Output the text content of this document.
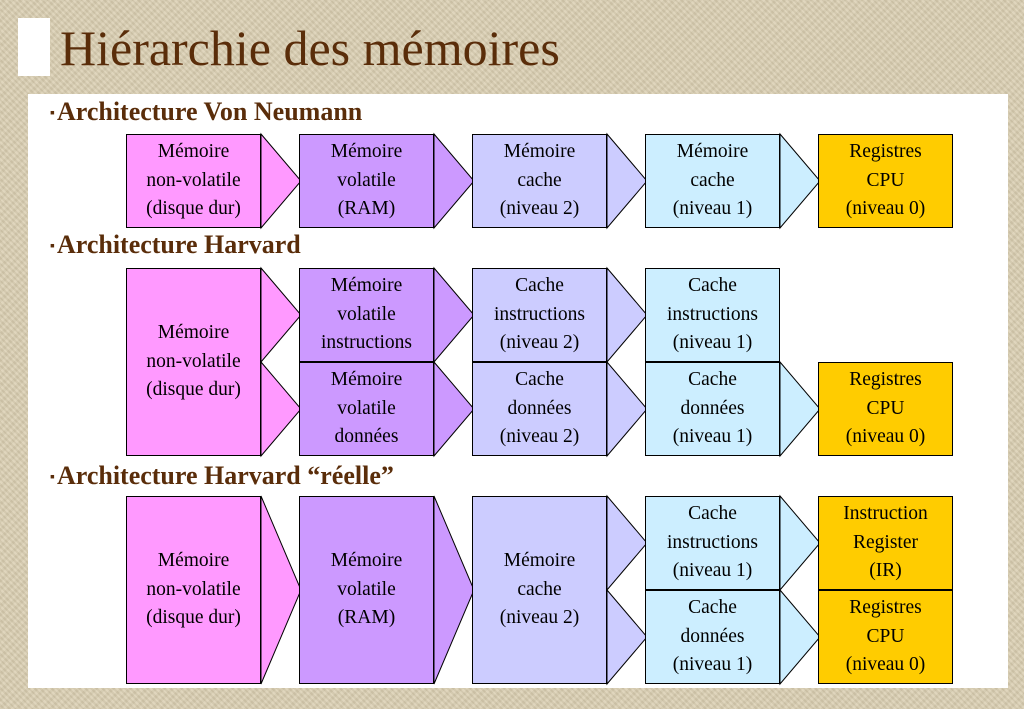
Hiérarchie des mémoires
▪Architecture Von Neumann
▪Architecture Harvard
▪Architecture Harvard “réelle”
Mémoire
non-volatile
(disque dur)
Mémoire
volatile
(RAM)
Mémoire
cache
(niveau 2)
Mémoire
cache
(niveau 1)
Registres
CPU
(niveau 0)
Mémoire
non-volatile
(disque dur)
Mémoire
volatile
instructions
Mémoire
volatile
données
Cache
instructions
(niveau 2)
Cache
données
(niveau 2)
Cache
instructions
(niveau 1)
Cache
données
(niveau 1)
Registres
CPU
(niveau 0)
Mémoire
non-volatile
(disque dur)
Mémoire
volatile
(RAM)
Mémoire
cache
(niveau 2)
Cache
instructions
(niveau 1)
Cache
données
(niveau 1)
Instruction
Register
(IR)
Registres
CPU
(niveau 0)
